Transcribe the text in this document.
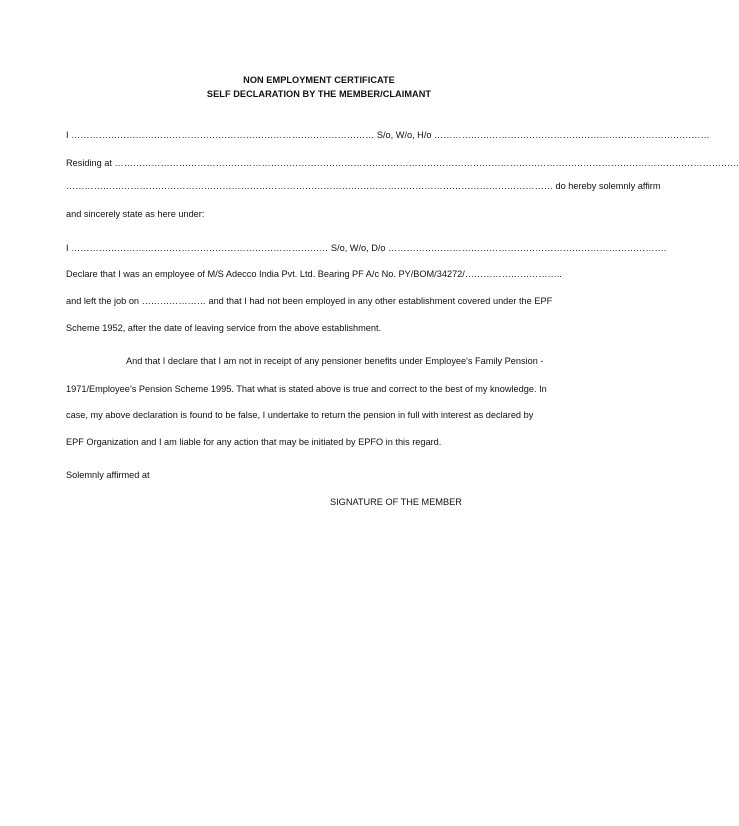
NON EMPLOYMENT CERTIFICATE
SELF DECLARATION BY THE MEMBER/CLAIMANT
I ……………………………………………………………………………………… S/o, W/o, H/o ………………………………………………………………………………
Residing at ……………………………………………………………………………………………………………………………………………………………………………………
…………………………………………………………………………………………………………………………………………… do hereby solemnly affirm
and sincerely state as here under:
I ………………………………………………………………………… S/o, W/o, D/o ……………………………………………………………………………….
Declare that I was an employee of M/S Adecco India Pvt. Ltd. Bearing PF A/c No. PY/BOM/34272/…………………………..
and left the job on ………………… and that I had not been employed in any other establishment covered under the EPF
Scheme 1952, after the date of leaving service from the above establishment.
And that I declare that I am not in receipt of any pensioner benefits under Employee's Family Pension -
1971/Employee’s Pension Scheme 1995. That what is stated above is true and correct to the best of my knowledge. In
case, my above declaration is found to be false, I undertake to return the pension in full with interest as declared by
EPF Organization and I am liable for any action that may be initiated by EPFO in this regard.
Solemnly affirmed at
SIGNATURE OF THE MEMBER
